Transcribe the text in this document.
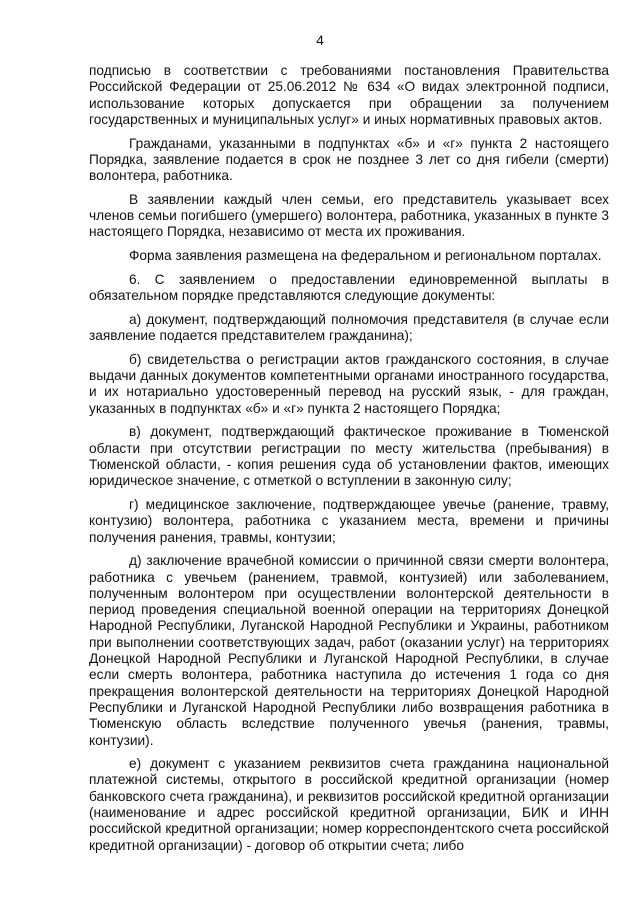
4

подписью в соответствии с требованиями постановления Правительства Российской Федерации от 25.06.2012 № 634 «О видах электронной подписи, использование которых допускается при обращении за получением государственных и муниципальных услуг» и иных нормативных правовых актов.

Гражданами, указанными в подпунктах «б» и «г» пункта 2 настоящего Порядка, заявление подается в срок не позднее 3 лет со дня гибели (смерти) волонтера, работника.

В заявлении каждый член семьи, его представитель указывает всех членов семьи погибшего (умершего) волонтера, работника, указанных в пункте 3 настоящего Порядка, независимо от места их проживания.

Форма заявления размещена на федеральном и региональном порталах.

6. С заявлением о предоставлении единовременной выплаты в обязательном порядке представляются следующие документы:

а) документ, подтверждающий полномочия представителя (в случае если заявление подается представителем гражданина);

б) свидетельства о регистрации актов гражданского состояния, в случае выдачи данных документов компетентными органами иностранного государства, и их нотариально удостоверенный перевод на русский язык, - для граждан, указанных в подпунктах «б» и «г» пункта 2 настоящего Порядка;

в) документ, подтверждающий фактическое проживание в Тюменской области при отсутствии регистрации по месту жительства (пребывания) в Тюменской области, - копия решения суда об установлении фактов, имеющих юридическое значение, с отметкой о вступлении в законную силу;

г) медицинское заключение, подтверждающее увечье (ранение, травму, контузию) волонтера, работника с указанием места, времени и причины получения ранения, травмы, контузии;

д) заключение врачебной комиссии о причинной связи смерти волонтера, работника с увечьем (ранением, травмой, контузией) или заболеванием, полученным волонтером при осуществлении волонтерской деятельности в период проведения специальной военной операции на территориях Донецкой Народной Республики, Луганской Народной Республики и Украины, работником при выполнении соответствующих задач, работ (оказании услуг) на территориях Донецкой Народной Республики и Луганской Народной Республики, в случае если смерть волонтера, работника наступила до истечения 1 года со дня прекращения волонтерской деятельности на территориях Донецкой Народной Республики и Луганской Народной Республики либо возвращения работника в Тюменскую область вследствие полученного увечья (ранения, травмы, контузии).

е) документ с указанием реквизитов счета гражданина национальной платежной системы, открытого в российской кредитной организации (номер банковского счета гражданина), и реквизитов российской кредитной организации (наименование и адрес российской кредитной организации, БИК и ИНН российской кредитной организации; номер корреспондентского счета российской кредитной организации) - договор об открытии счета; либо
